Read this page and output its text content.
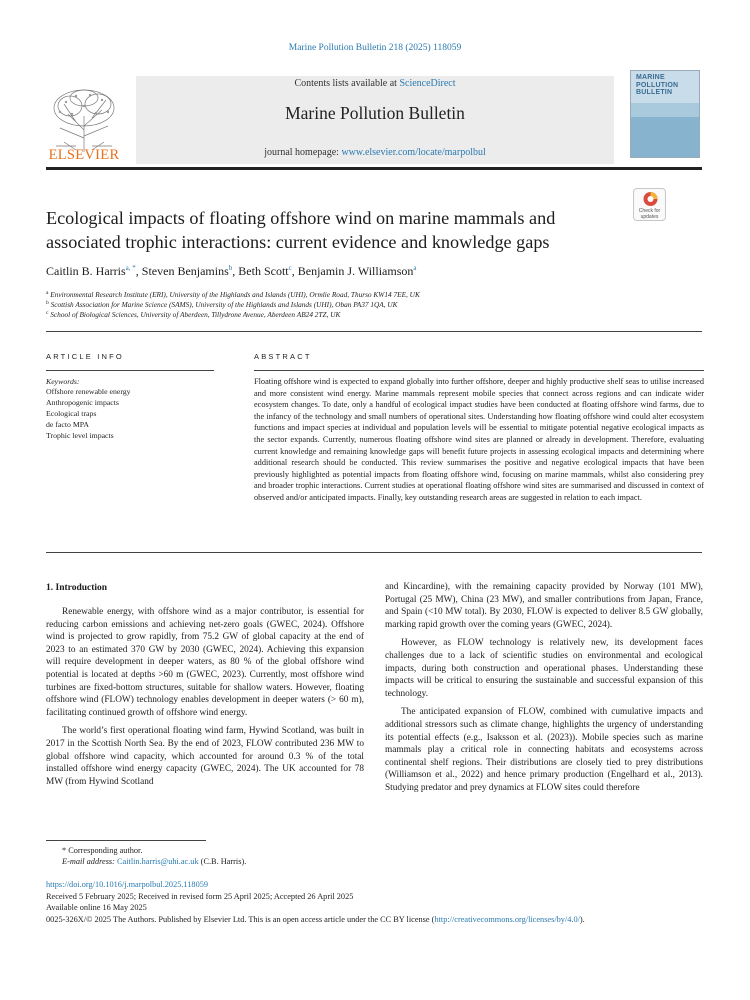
Marine Pollution Bulletin 218 (2025) 118059
ELSEVIER
Contents lists available at ScienceDirect
Marine Pollution Bulletin
journal homepage: www.elsevier.com/locate/marpolbul
MARINE POLLUTION BULLETIN
Check for updates
Ecological impacts of floating offshore wind on marine mammals and associated trophic interactions: current evidence and knowledge gaps
Caitlin B. Harris$^{a, *}$, Steven Benjamins$^b$, Beth Scott$^c$, Benjamin J. Williamson$^a$
$^a$ Environmental Research Institute (ERI), University of the Highlands and Islands (UHI), Ormlie Road, Thurso KW14 7EE, UK
$^b$ Scottish Association for Marine Science (SAMS), University of the Highlands and Islands (UHI), Oban PA37 1QA, UK
$^c$ School of Biological Sciences, University of Aberdeen, Tillydrone Avenue, Aberdeen AB24 2TZ, UK
ARTICLE INFO
Keywords:
Offshore renewable energy
Anthropogenic impacts
Ecological traps
de facto MPA
Trophic level impacts
ABSTRACT
Floating offshore wind is expected to expand globally into further offshore, deeper and highly productive shelf seas to utilise increased and more consistent wind energy. Marine mammals represent mobile species that connect across regions and can indicate wider ecosystem changes. To date, only a handful of ecological impact studies have been conducted at floating offshore wind farms, due to the infancy of the technology and small numbers of operational sites. Understanding how floating offshore wind could alter ecosystem functions and impact species at individual and population levels will be essential to mitigate potential negative ecological impacts as the sector expands. Currently, numerous floating offshore wind sites are planned or already in development. Therefore, evaluating current knowledge and remaining knowledge gaps will benefit future projects in assessing ecological impacts and determining where additional research should be conducted. This review summarises the positive and negative ecological impacts that have been previously highlighted as potential impacts from floating offshore wind, focusing on marine mammals, whilst also considering prey and broader trophic interactions. Current studies at operational floating offshore wind sites are summarised and discussed in context of observed and/or anticipated impacts. Finally, key outstanding research areas are suggested in relation to each impact.
1. Introduction

Renewable energy, with offshore wind as a major contributor, is essential for reducing carbon emissions and achieving net-zero goals (GWEC, 2024). Offshore wind is projected to grow rapidly, from 75.2 GW of global capacity at the end of 2023 to an estimated 370 GW by 2030 (GWEC, 2024). Achieving this expansion will require development in deeper waters, as 80 % of the global offshore wind potential is located at depths >60 m (GWEC, 2023). Currently, most offshore wind turbines are fixed-bottom structures, suitable for shallow waters. However, floating offshore wind (FLOW) technology enables development in deeper waters (> 60 m), facilitating continued growth of offshore wind energy.

The world’s first operational floating wind farm, Hywind Scotland, was built in 2017 in the Scottish North Sea. By the end of 2023, FLOW contributed 236 MW to global offshore wind capacity, which accounted for around 0.3 % of the total installed offshore wind energy capacity (GWEC, 2024). The UK accounted for 78 MW (from Hywind Scotland

and Kincardine), with the remaining capacity provided by Norway (101 MW), Portugal (25 MW), China (23 MW), and smaller contributions from Japan, France, and Spain (<10 MW total). By 2030, FLOW is expected to deliver 8.5 GW globally, marking rapid growth over the coming years (GWEC, 2024).

However, as FLOW technology is relatively new, its development faces challenges due to a lack of scientific studies on environmental and ecological impacts, during both construction and operational phases. Understanding these impacts will be critical to ensuring the sustainable and successful expansion of this technology.

The anticipated expansion of FLOW, combined with cumulative impacts and additional stressors such as climate change, highlights the urgency of understanding its potential effects (e.g., Isaksson et al. (2023)). Mobile species such as marine mammals play a critical role in connecting habitats and ecosystems across continental shelf regions. Their distributions are closely tied to prey distributions (Williamson et al., 2022) and hence primary production (Engelhard et al., 2013). Studying predator and prey dynamics at FLOW sites could therefore

* Corresponding author.
E-mail address: Caitlin.harris@uhi.ac.uk (C.B. Harris).
https://doi.org/10.1016/j.marpolbul.2025.118059
Received 5 February 2025; Received in revised form 25 April 2025; Accepted 26 April 2025
Available online 16 May 2025
0025-326X/© 2025 The Authors. Published by Elsevier Ltd. This is an open access article under the CC BY license (http://creativecommons.org/licenses/by/4.0/).
